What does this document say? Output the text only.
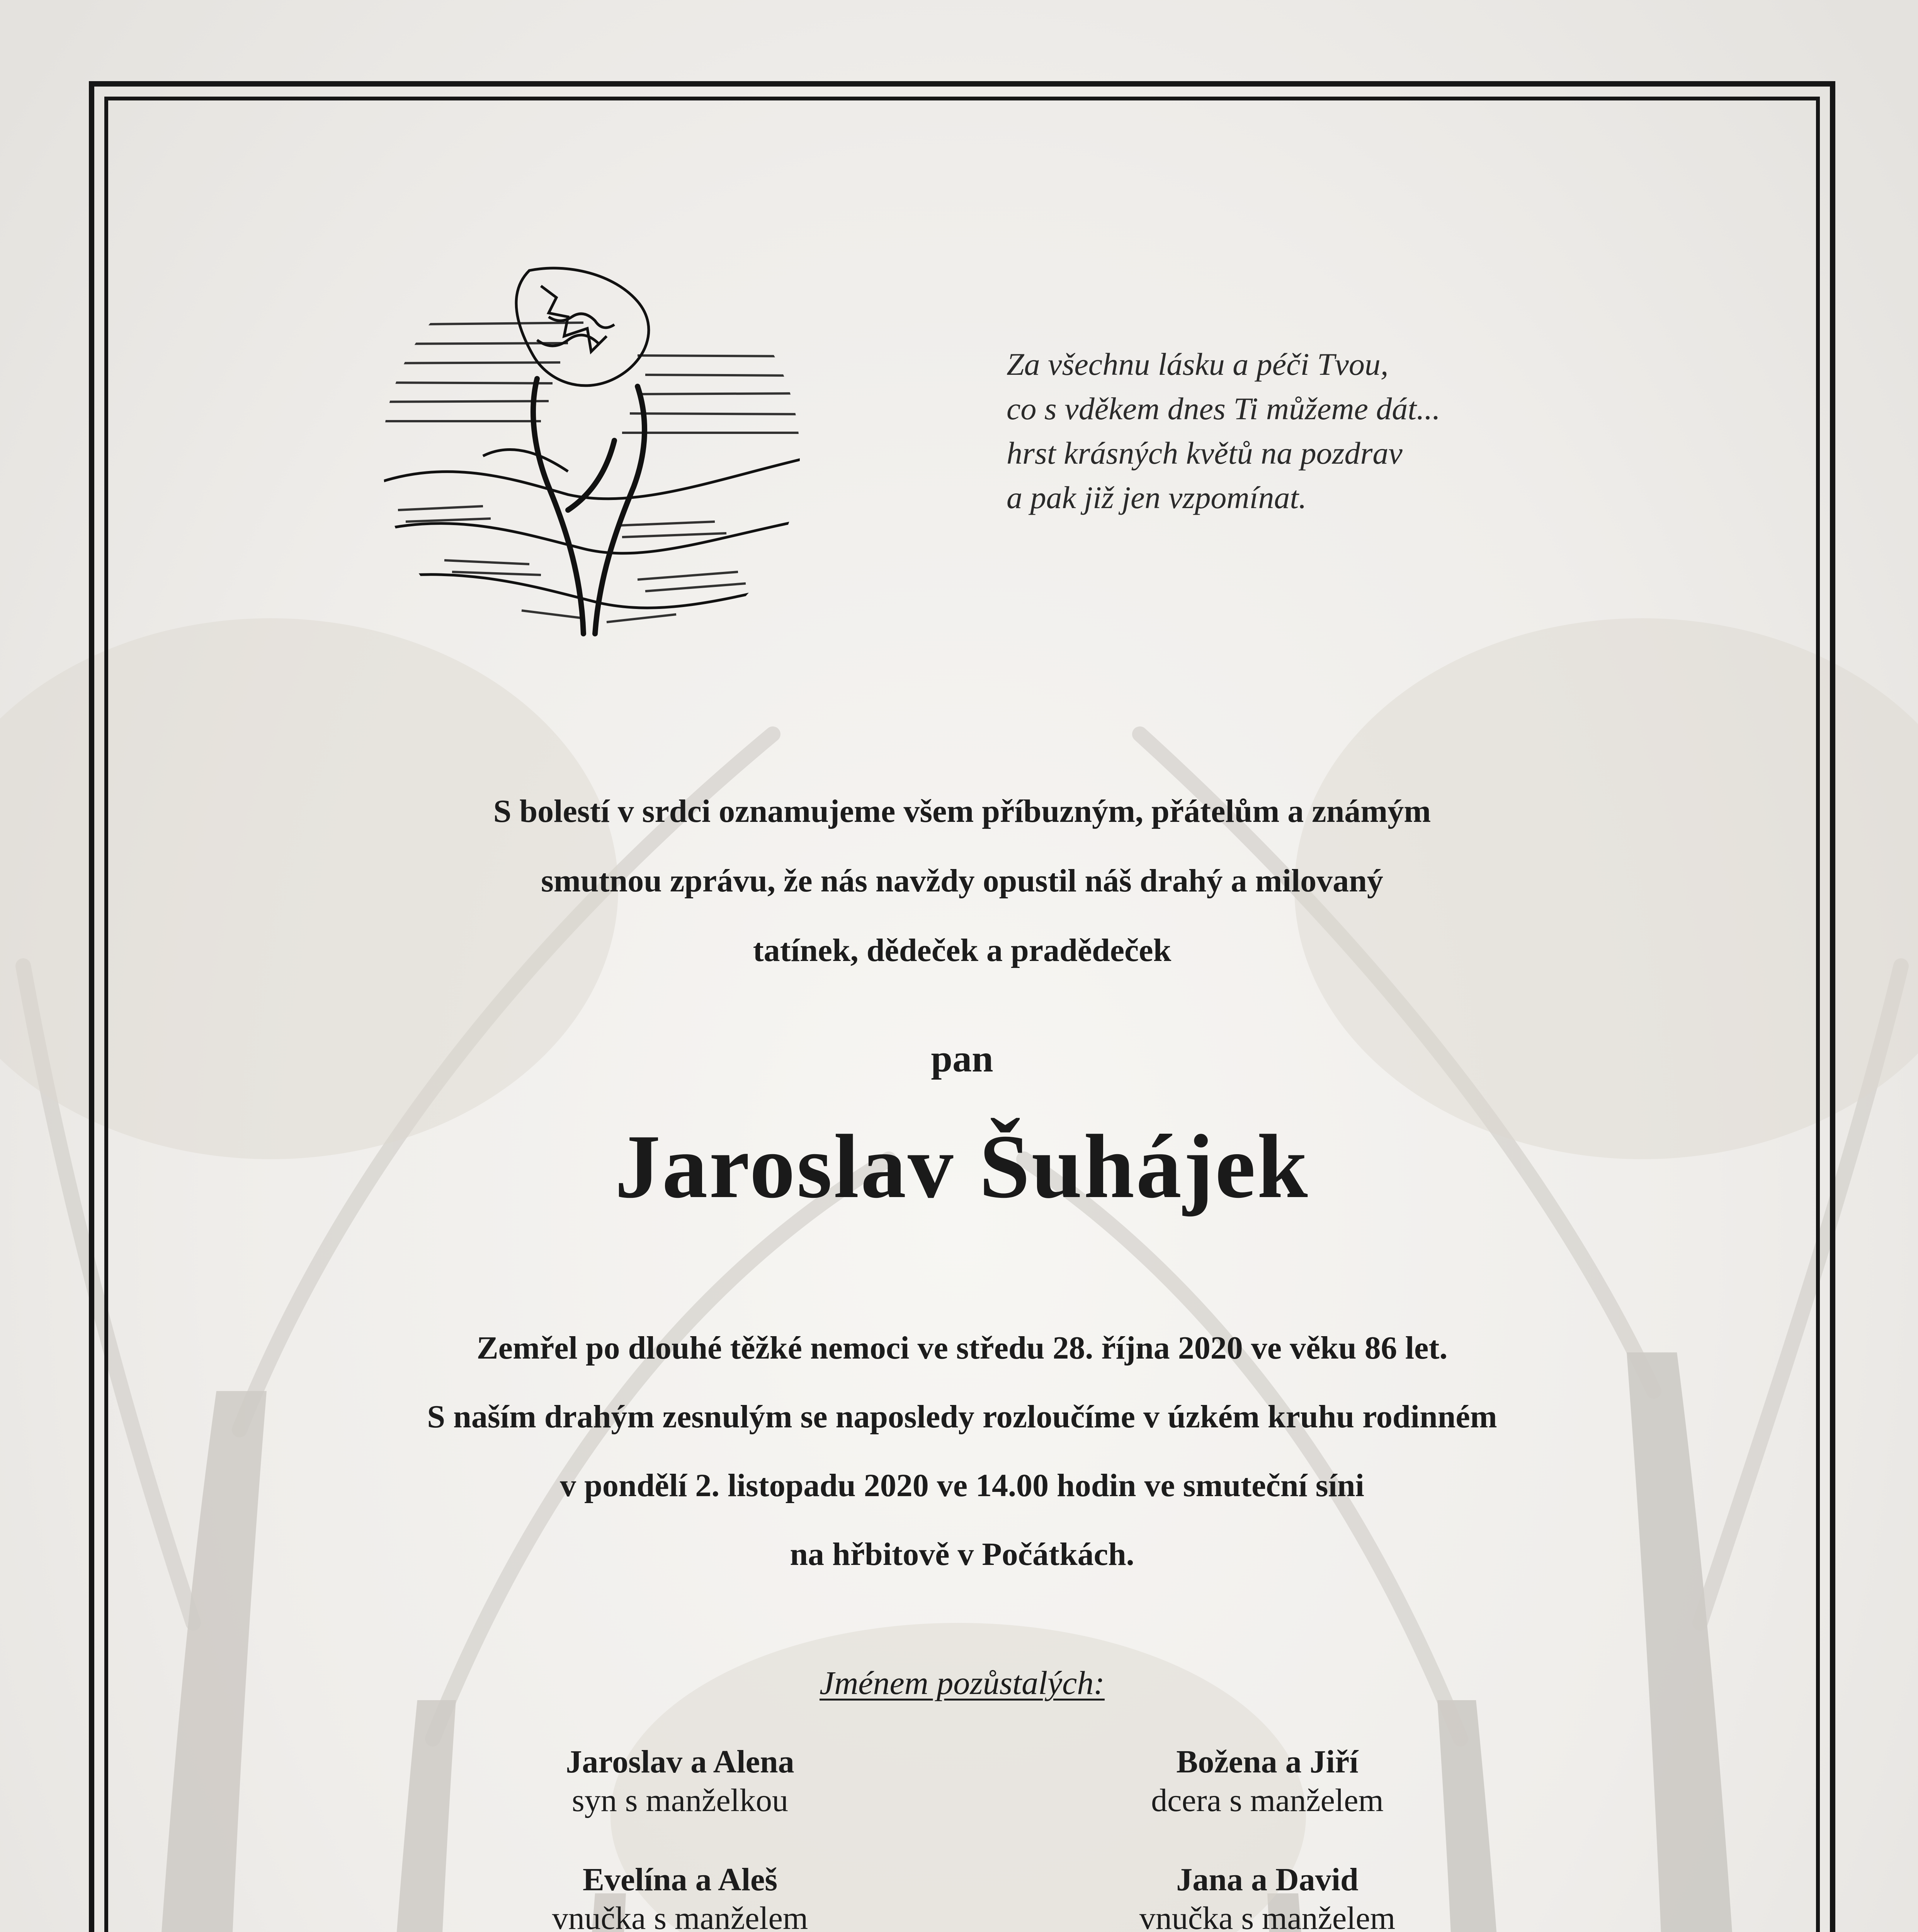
Za všechnu lásku a péči Tvou,
co s vděkem dnes Ti můžeme dát...
hrst krásných květů na pozdrav
a pak již jen vzpomínat.
S bolestí v srdci oznamujeme všem příbuzným, přátelům a známým
smutnou zprávu, že nás navždy opustil náš drahý a milovaný
tatínek, dědeček a pradědeček
pan
Jaroslav Šuhájek
Zemřel po dlouhé těžké nemoci ve středu 28. října 2020 ve věku 86 let.
S naším drahým zesnulým se naposledy rozloučíme v úzkém kruhu rodinném
v pondělí 2. listopadu 2020 ve 14.00 hodin ve smuteční síni
na hřbitově v Počátkách.
Jménem pozůstalých:
Jaroslav a Alena
syn s manželkou
Evelína a Aleš
vnučka s manželem
Božena a Jiří
dcera s manželem
Jana a David
vnučka s manželem
